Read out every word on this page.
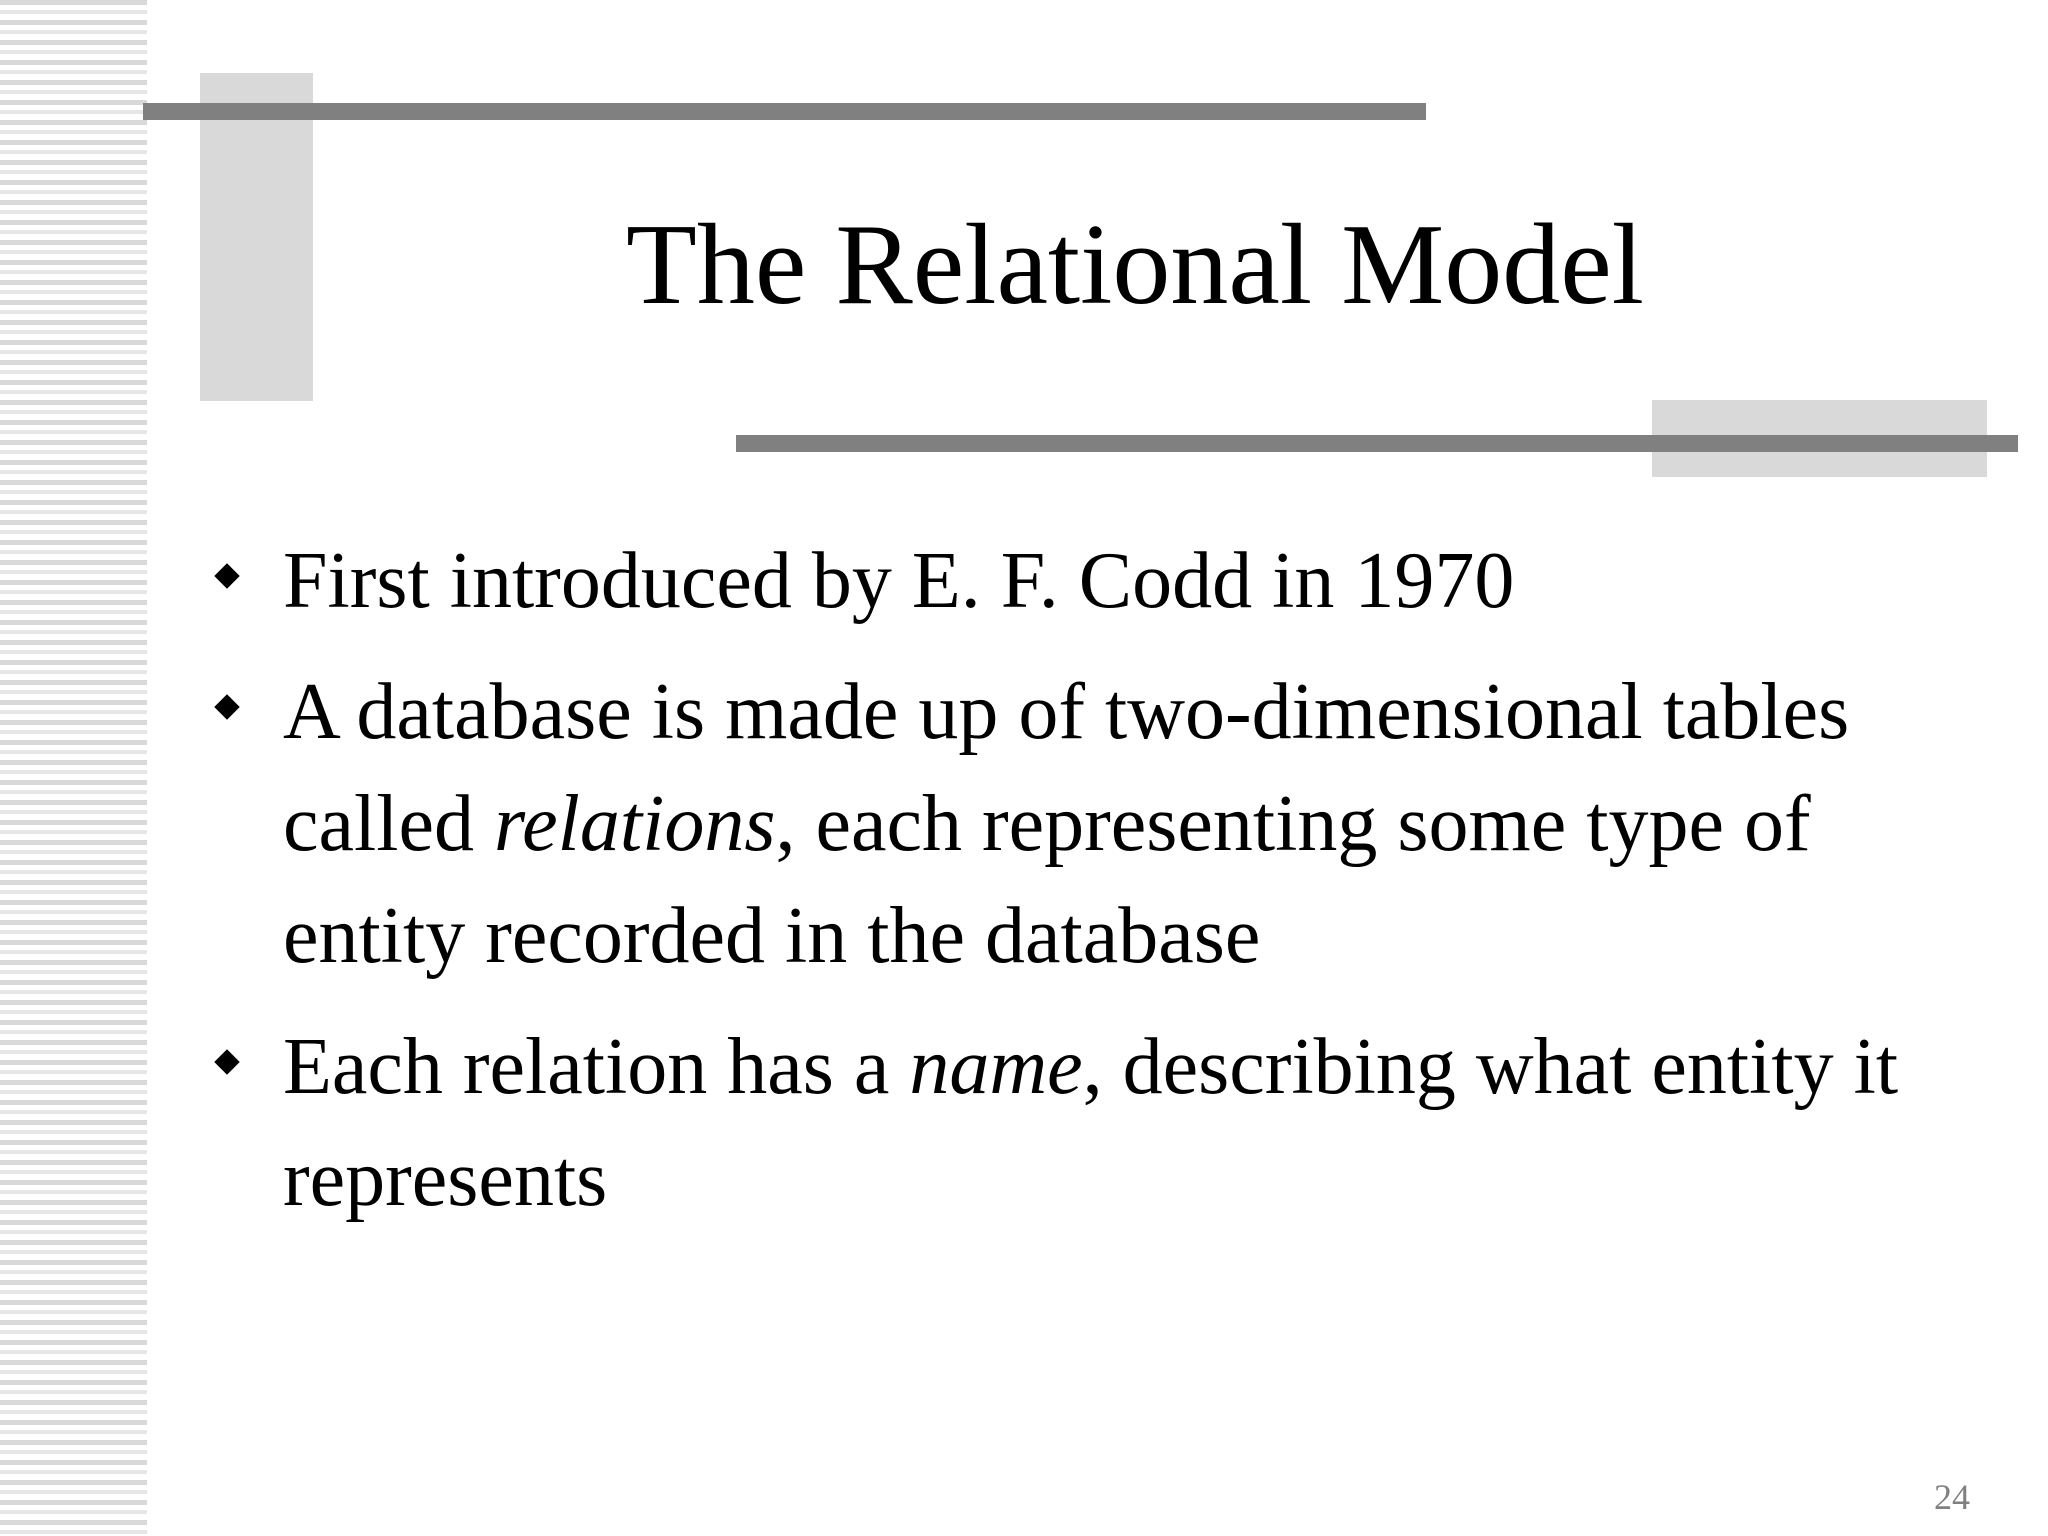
The Relational Model
First introduced by E. F. Codd in 1970
A database is made up of two-dimensional tables called relations, each representing some type of entity recorded in the database
Each relation has a name, describing what entity it represents
24
